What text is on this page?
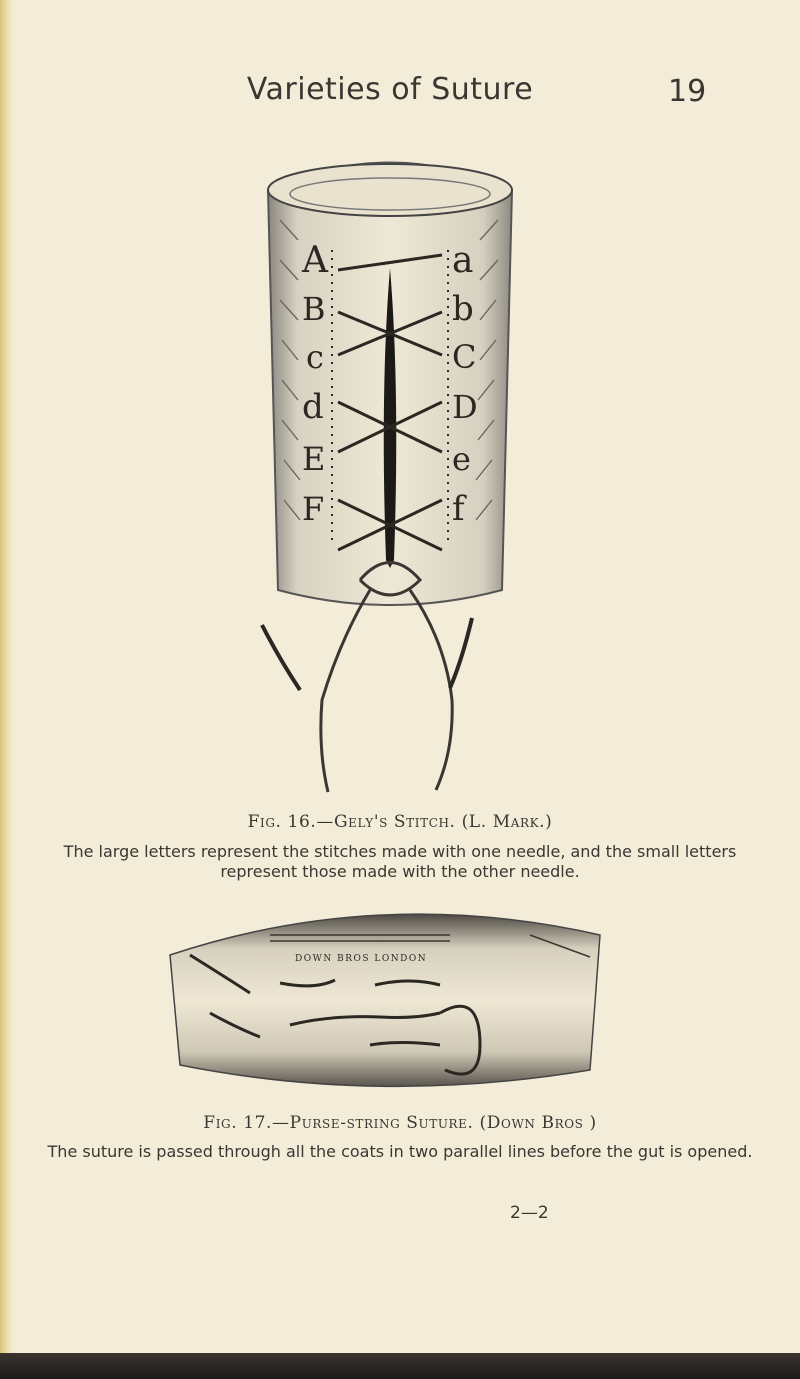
Varieties of Suture	19
A
B
c
d
E
F
a
b
C
D
e
f
Fig. 16.—Gely's Stitch. (L. Mark.)
The large letters represent the stitches made with one needle, and the small letters represent those made with the other needle.
DOWN BROS LONDON
Fig. 17.—Purse-string Suture. (Down Bros )
The suture is passed through all the coats in two parallel lines before the gut is opened.
2—2
